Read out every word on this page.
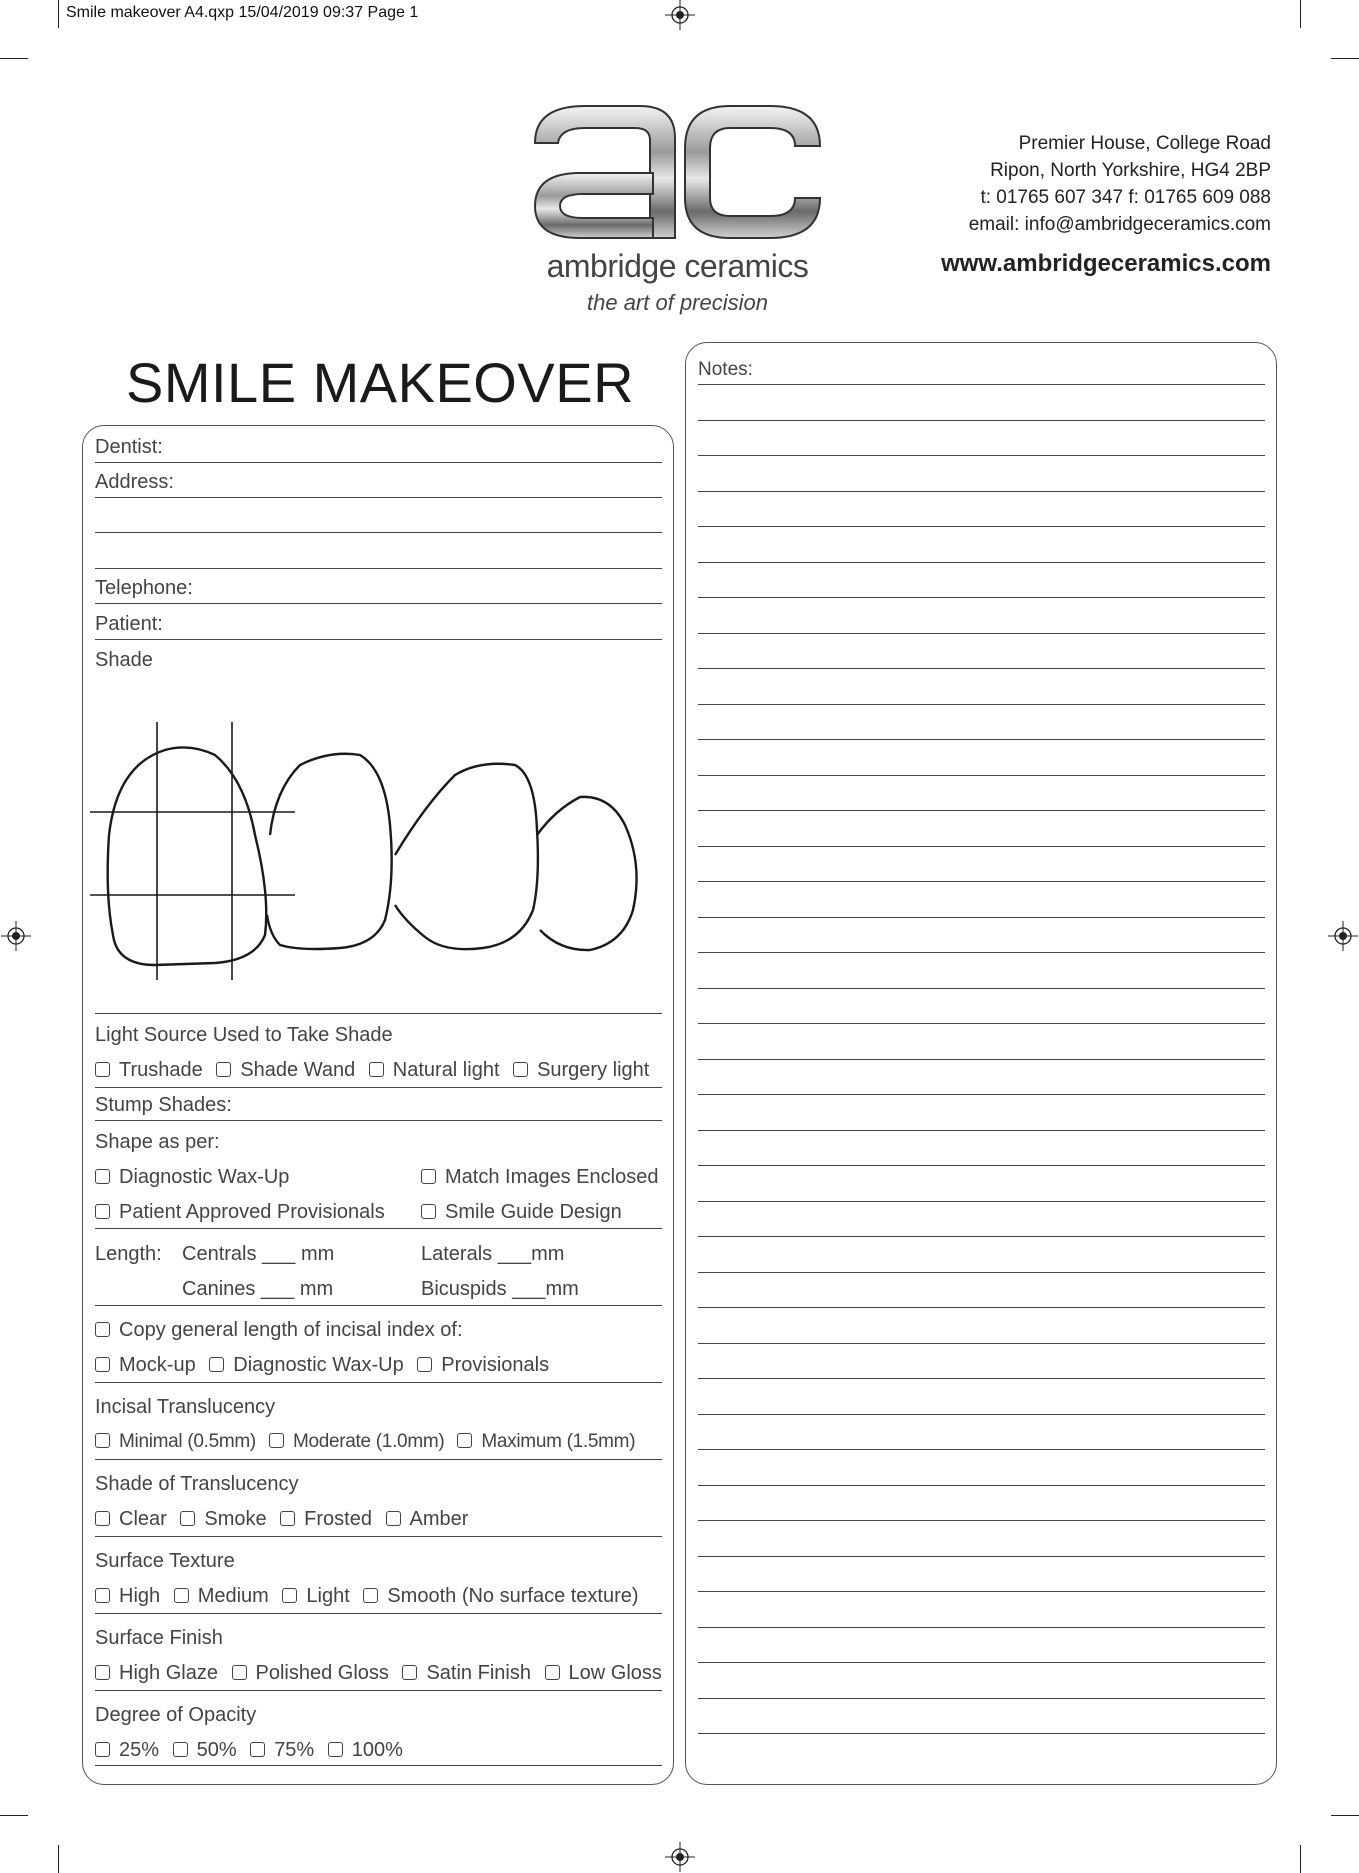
Smile makeover A4.qxp 15/04/2019 09:37 Page 1
ambridge ceramics
the art of precision
Premier House, College Road
Ripon, North Yorkshire, HG4 2BP
t: 01765 607 347 f: 01765 609 088
email: info@ambridgeceramics.com
www.ambridgeceramics.com
SMILE MAKEOVER
Dentist:
Address:
Telephone:
Patient:
Shade
Light Source Used to Take Shade
Trushade Shade Wand Natural light Surgery light
Stump Shades:
Shape as per:
Diagnostic Wax-Up	Match Images Enclosed
Patient Approved Provisionals	Smile Guide Design
Length: Centrals ___ mm	Laterals ___mm
Canines ___ mm	Bicuspids ___mm
Copy general length of incisal index of:
Mock-up Diagnostic Wax-Up Provisionals
Incisal Translucency
Minimal (0.5mm) Moderate (1.0mm) Maximum (1.5mm)
Shade of Translucency
Clear Smoke Frosted Amber
Surface Texture
High Medium Light Smooth (No surface texture)
Surface Finish
High Glaze Polished Gloss Satin Finish Low Gloss
Degree of Opacity
25% 50% 75% 100%
Notes:
